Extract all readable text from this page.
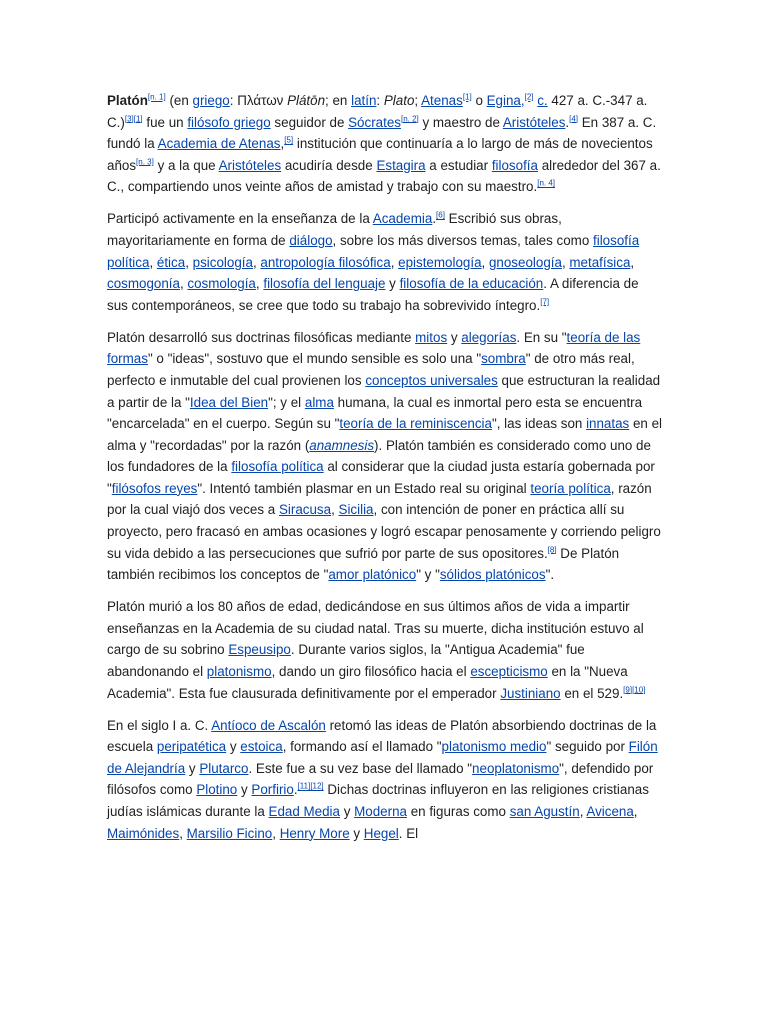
Platón[n. 1] (en griego: Πλάτων Plátōn; en latín: Plato; Atenas[1] o Egina,[2] c. 427 a. C.-347 a. C.)[3][1] fue un filósofo griego seguidor de Sócrates[n. 2] y maestro de Aristóteles.[4] En 387 a. C. fundó la Academia de Atenas,[5] institución que continuaría a lo largo de más de novecientos años[n. 3] y a la que Aristóteles acudiría desde Estagira a estudiar filosofía alrededor del 367 a. C., compartiendo unos veinte años de amistad y trabajo con su maestro.[n. 4]

Participó activamente en la enseñanza de la Academia.[6] Escribió sus obras, mayoritariamente en forma de diálogo, sobre los más diversos temas, tales como filosofía política, ética, psicología, antropología filosófica, epistemología, gnoseología, metafísica, cosmogonía, cosmología, filosofía del lenguaje y filosofía de la educación. A diferencia de sus contemporáneos, se cree que todo su trabajo ha sobrevivido íntegro.[7]

Platón desarrolló sus doctrinas filosóficas mediante mitos y alegorías. En su "teoría de las formas" o "ideas", sostuvo que el mundo sensible es solo una "sombra" de otro más real, perfecto e inmutable del cual provienen los conceptos universales que estructuran la realidad a partir de la "Idea del Bien"; y el alma humana, la cual es inmortal pero esta se encuentra "encarcelada" en el cuerpo. Según su "teoría de la reminiscencia", las ideas son innatas en el alma y "recordadas" por la razón (anamnesis). Platón también es considerado como uno de los fundadores de la filosofía política al considerar que la ciudad justa estaría gobernada por "filósofos reyes". Intentó también plasmar en un Estado real su original teoría política, razón por la cual viajó dos veces a Siracusa, Sicilia, con intención de poner en práctica allí su proyecto, pero fracasó en ambas ocasiones y logró escapar penosamente y corriendo peligro su vida debido a las persecuciones que sufrió por parte de sus opositores.[8] De Platón también recibimos los conceptos de "amor platónico" y "sólidos platónicos".

Platón murió a los 80 años de edad, dedicándose en sus últimos años de vida a impartir enseñanzas en la Academia de su ciudad natal. Tras su muerte, dicha institución estuvo al cargo de su sobrino Espeusipo. Durante varios siglos, la "Antigua Academia" fue abandonando el platonismo, dando un giro filosófico hacia el escepticismo en la "Nueva Academia". Esta fue clausurada definitivamente por el emperador Justiniano en el 529.[9][10]

En el siglo I a. C. Antíoco de Ascalón retomó las ideas de Platón absorbiendo doctrinas de la escuela peripatética y estoica, formando así el llamado "platonismo medio" seguido por Filón de Alejandría y Plutarco. Este fue a su vez base del llamado "neoplatonismo", defendido por filósofos como Plotino y Porfirio.[11][12] Dichas doctrinas influyeron en las religiones cristianas judías islámicas durante la Edad Media y Moderna en figuras como san Agustín, Avicena, Maimónides, Marsilio Ficino, Henry More y Hegel. El
